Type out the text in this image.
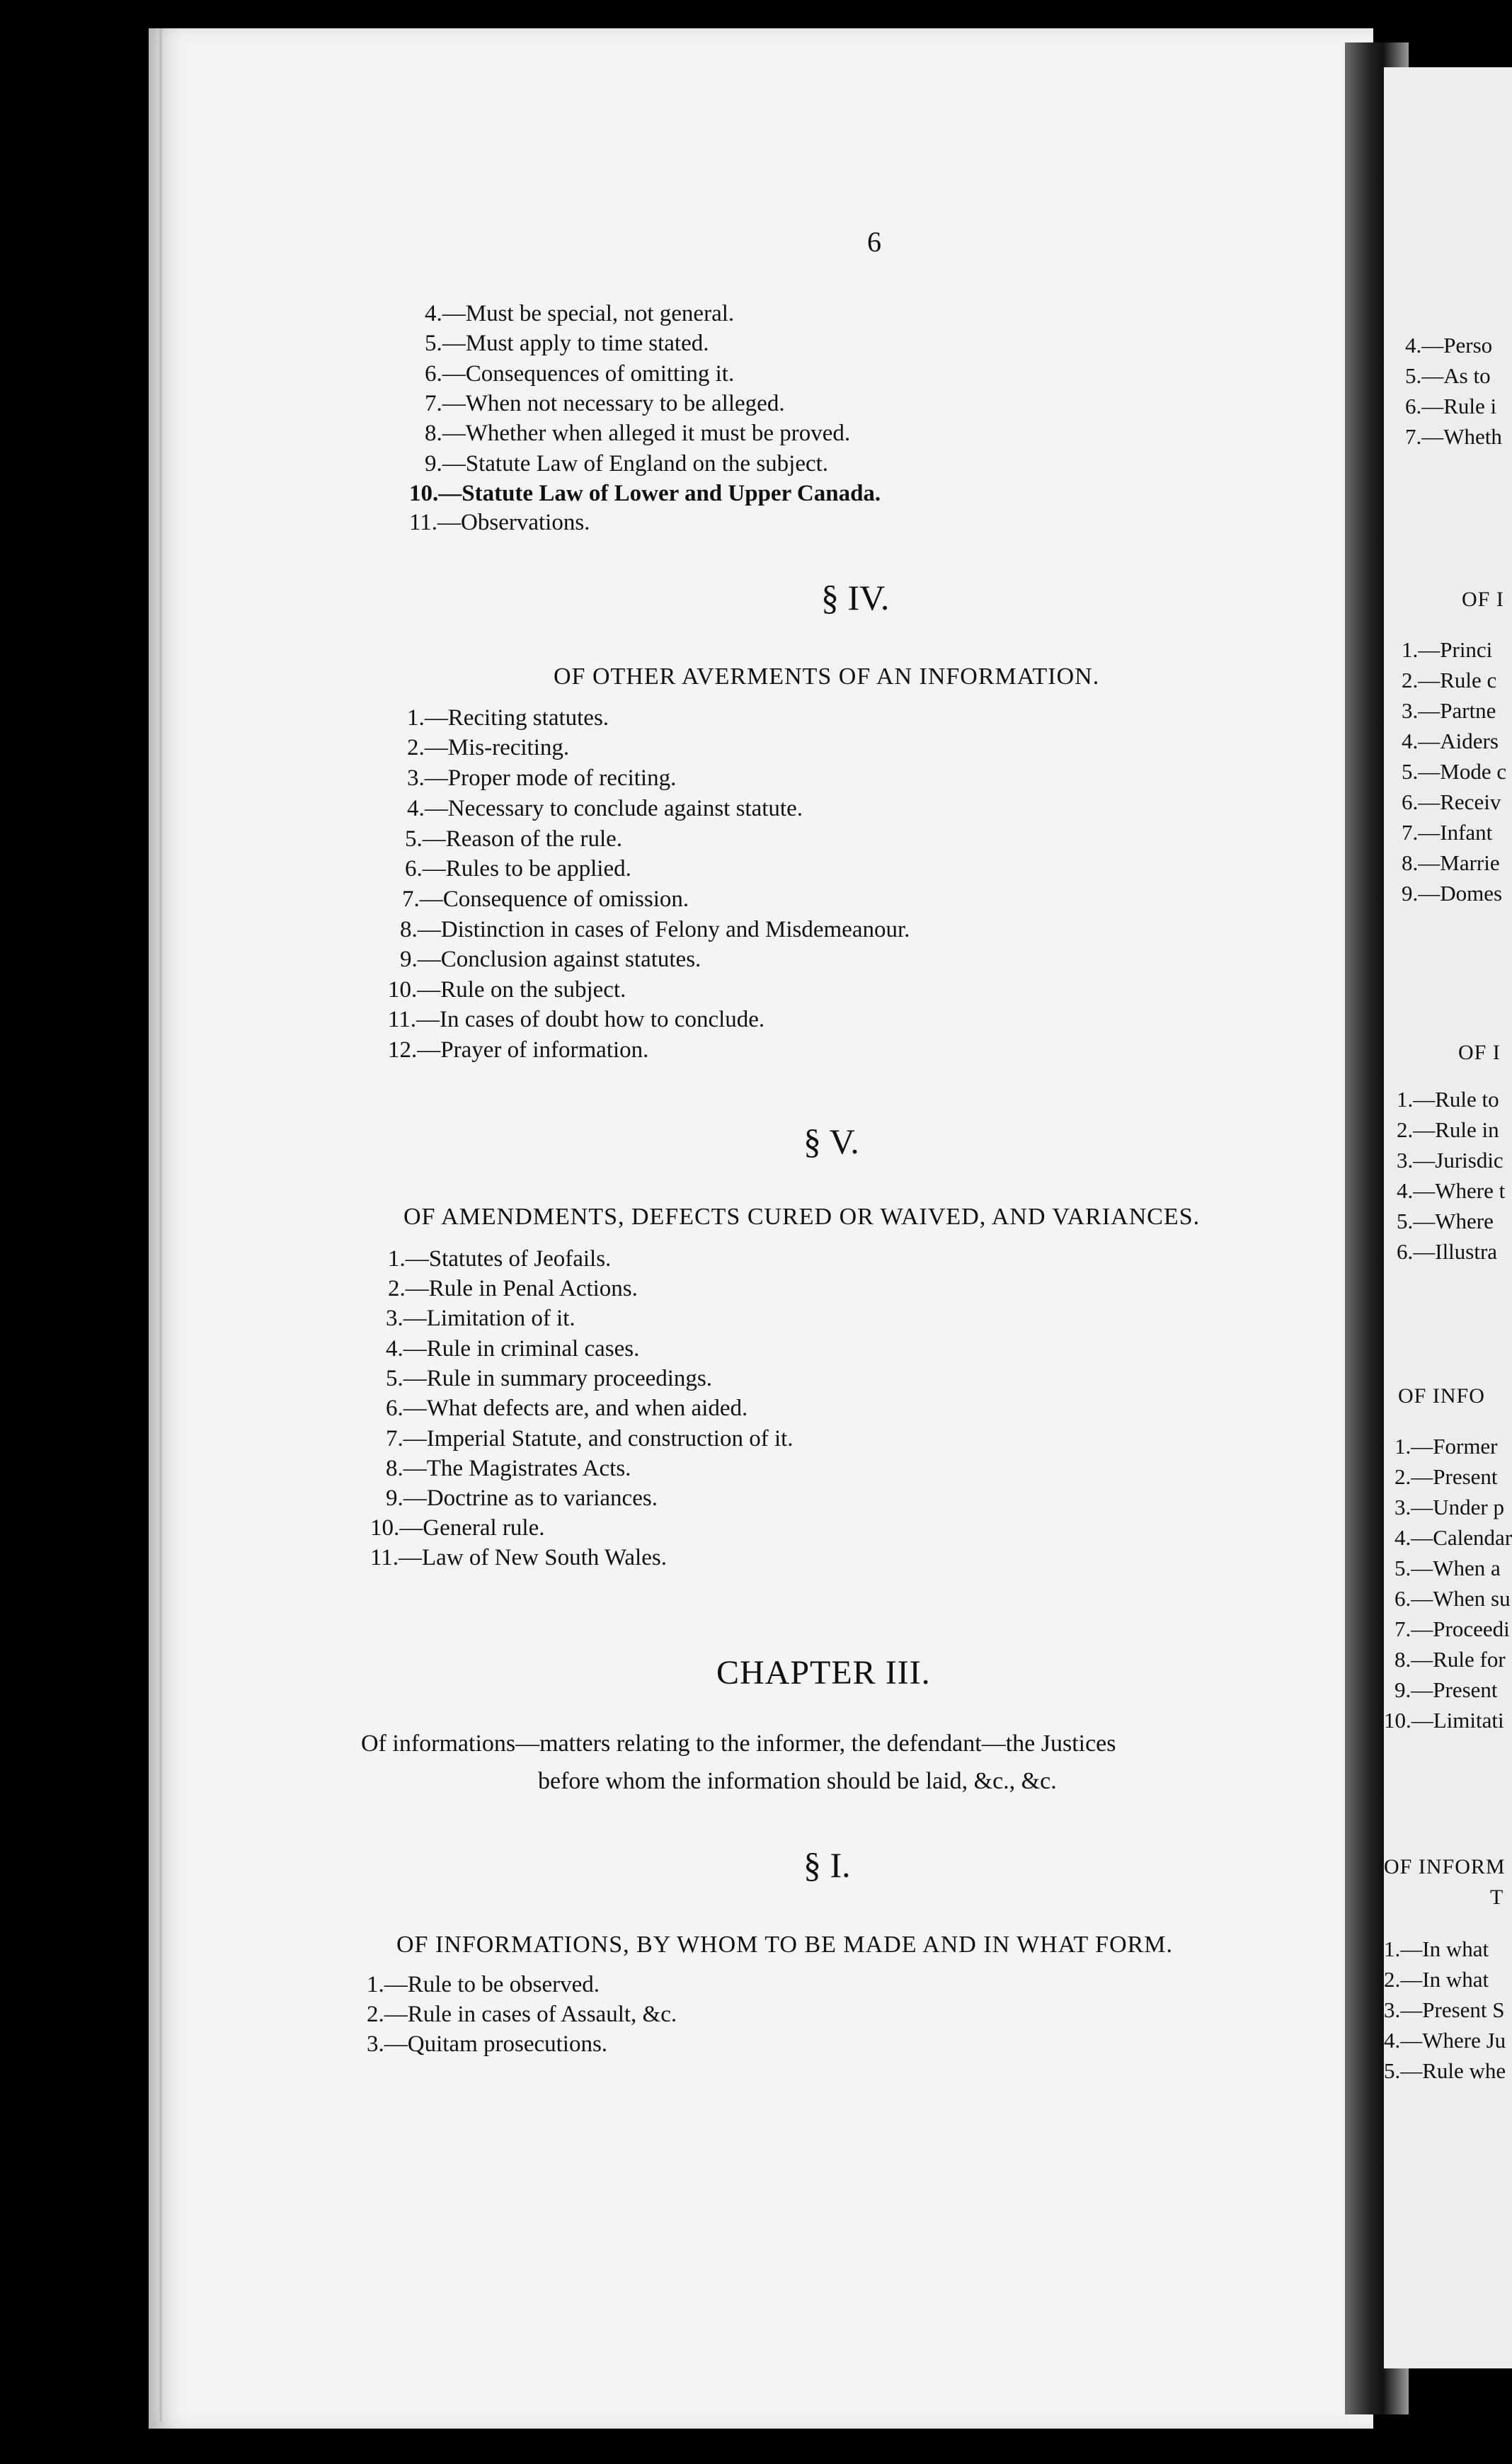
6
4.—Must be special, not general.
5.—Must apply to time stated.
6.—Consequences of omitting it.
7.—When not necessary to be alleged.
8.—Whether when alleged it must be proved.
9.—Statute Law of England on the subject.
10.—Statute Law of Lower and Upper Canada.
11.—Observations.
§ IV.
OF OTHER AVERMENTS OF AN INFORMATION.
1.—Reciting statutes.
2.—Mis-reciting.
3.—Proper mode of reciting.
4.—Necessary to conclude against statute.
5.—Reason of the rule.
6.—Rules to be applied.
7.—Consequence of omission.
8.—Distinction in cases of Felony and Misdemeanour.
9.—Conclusion against statutes.
10.—Rule on the subject.
11.—In cases of doubt how to conclude.
12.—Prayer of information.
§ V.
OF AMENDMENTS, DEFECTS CURED OR WAIVED, AND VARIANCES.
1.—Statutes of Jeofails.
2.—Rule in Penal Actions.
3.—Limitation of it.
4.—Rule in criminal cases.
5.—Rule in summary proceedings.
6.—What defects are, and when aided.
7.—Imperial Statute, and construction of it.
8.—The Magistrates Acts.
9.—Doctrine as to variances.
10.—General rule.
11.—Law of New South Wales.
CHAPTER III.
Of informations—matters relating to the informer, the defendant—the Justices
before whom the information should be laid, &c., &c.
§ I.
OF INFORMATIONS, BY WHOM TO BE MADE AND IN WHAT FORM.
1.—Rule to be observed.
2.—Rule in cases of Assault, &c.
3.—Quitam prosecutions.
4.—Perso
5.—As to
6.—Rule i
7.—Wheth
OF I
1.—Princi
2.—Rule c
3.—Partne
4.—Aiders
5.—Mode c
6.—Receiv
7.—Infant
8.—Marrie
9.—Domes
OF I
1.—Rule to
2.—Rule in
3.—Jurisdic
4.—Where t
5.—Where
6.—Illustra
OF INFO
1.—Former
2.—Present
3.—Under p
4.—Calendar
5.—When a
6.—When su
7.—Proceedi
8.—Rule for
9.—Present
10.—Limitati
OF INFORM
T
1.—In what
2.—In what
3.—Present S
4.—Where Ju
5.—Rule whe
